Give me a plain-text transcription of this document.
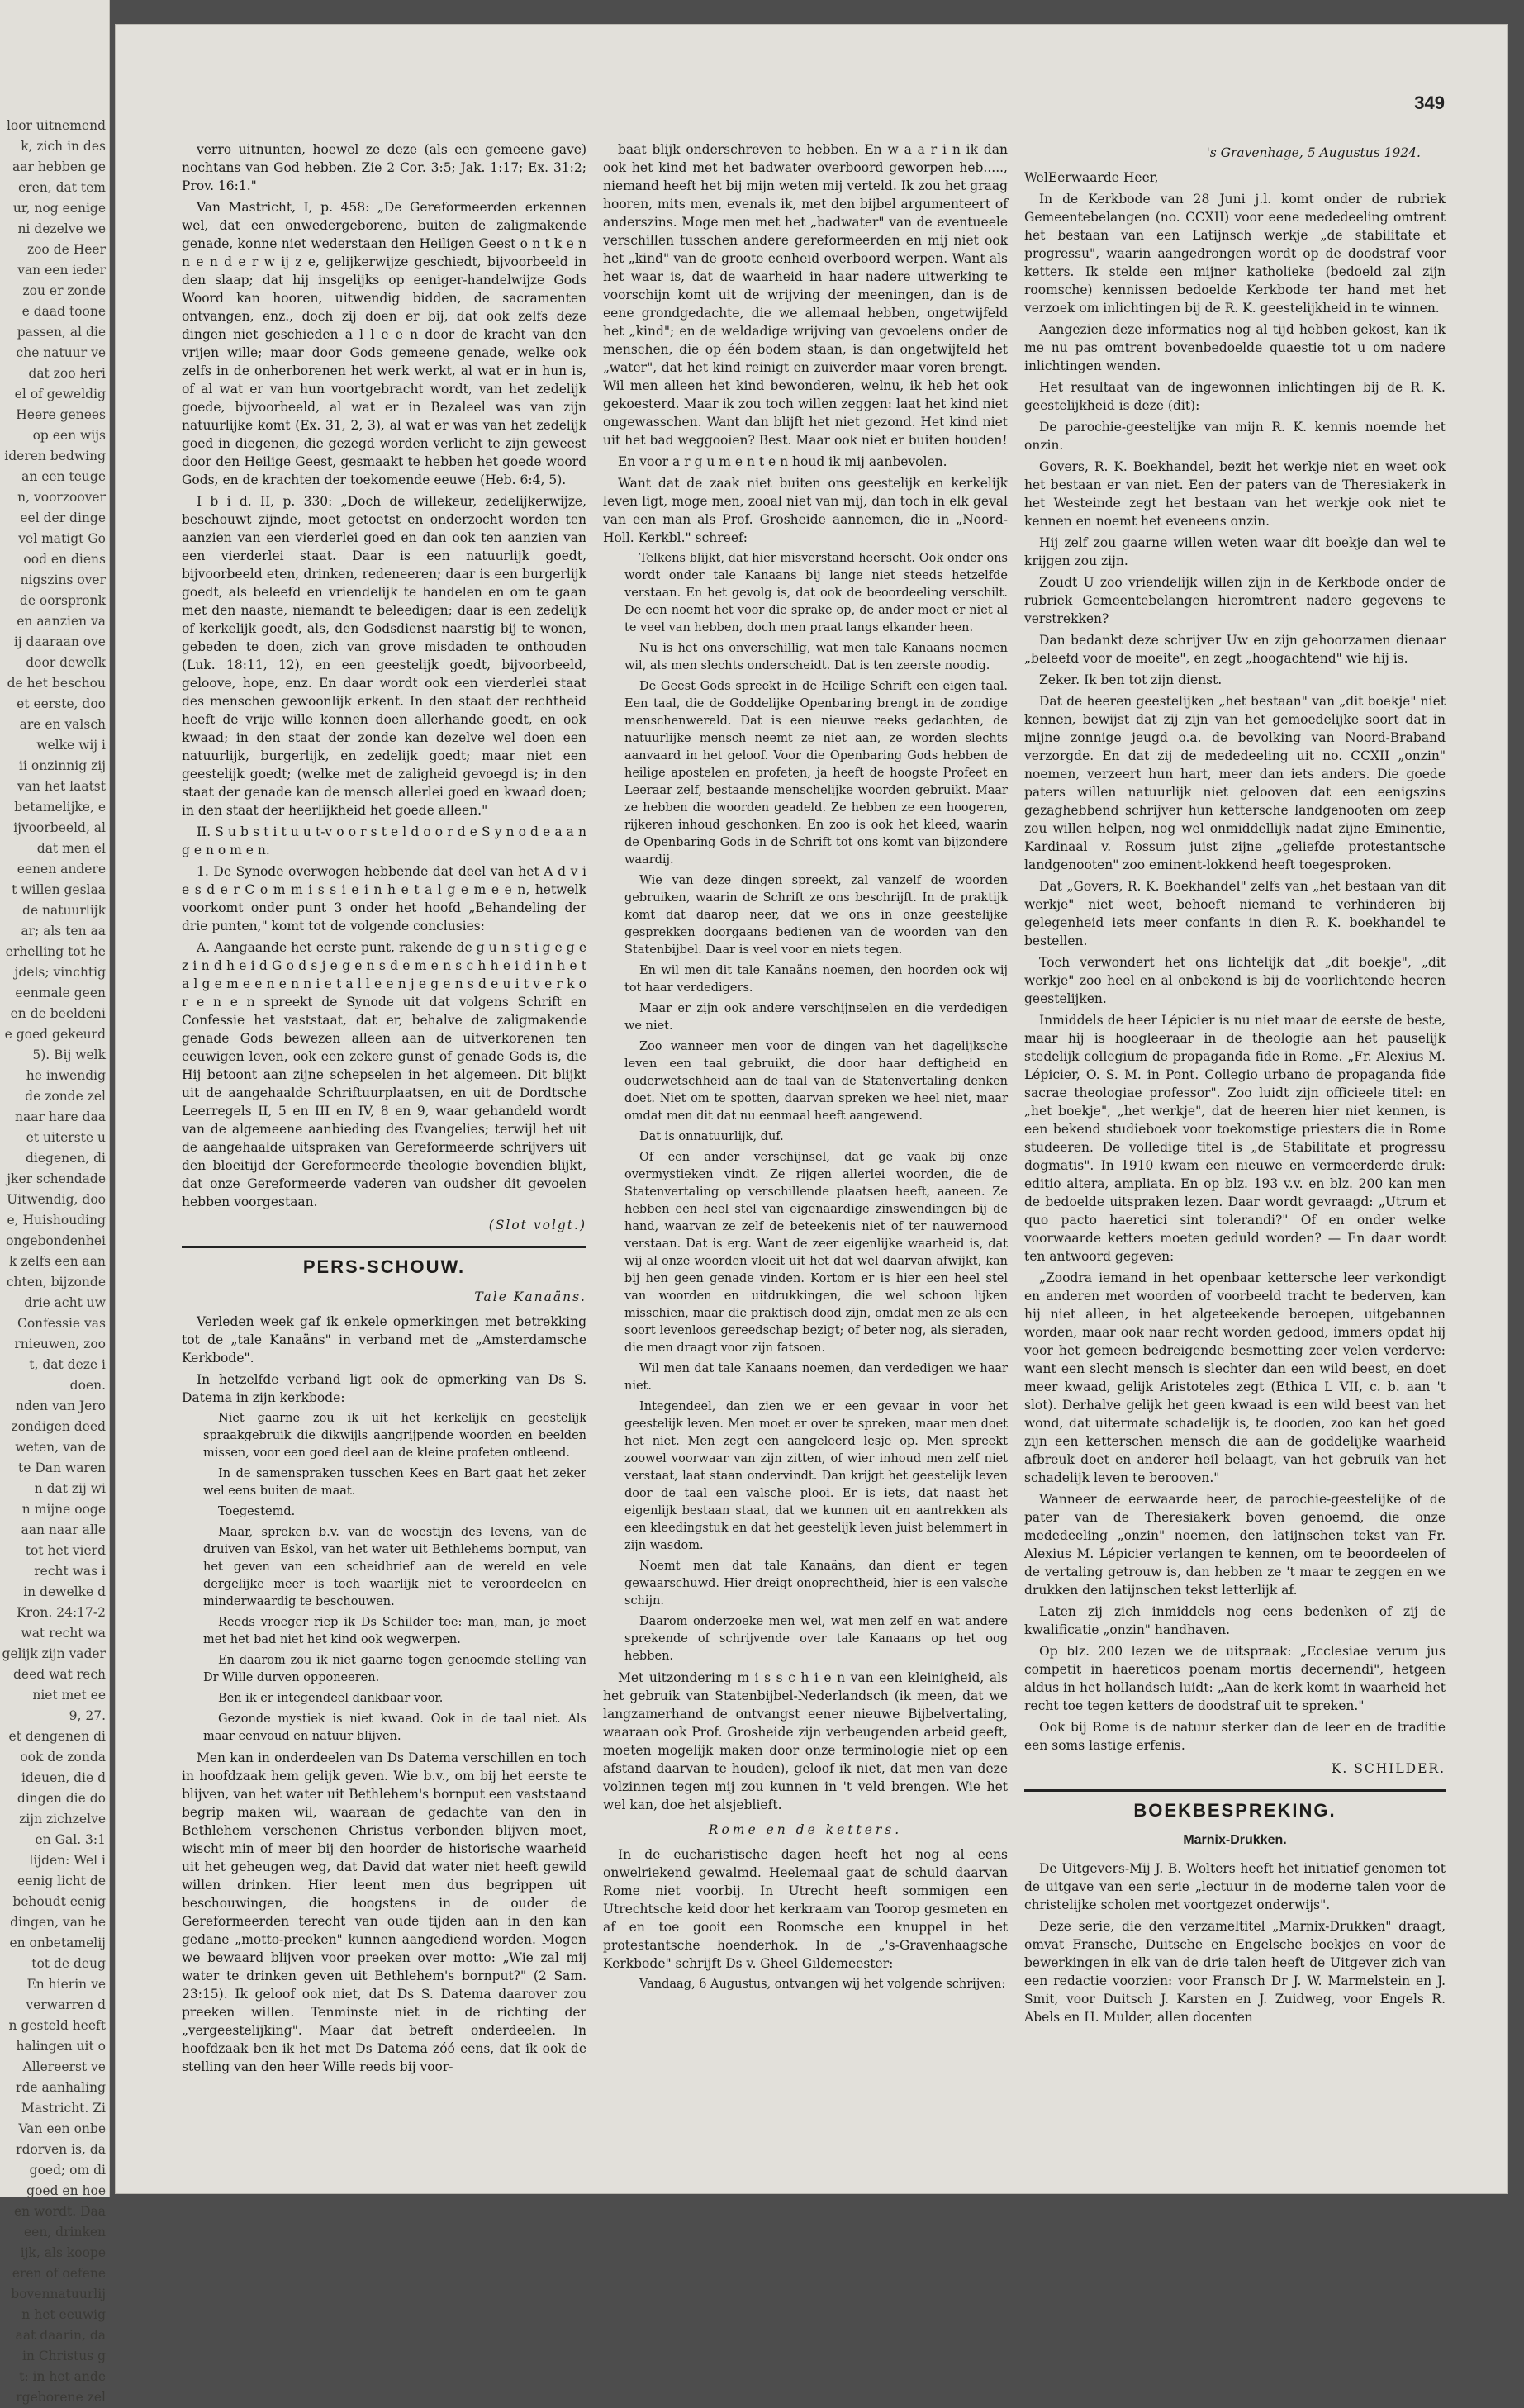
loor uitnemend
k, zich in des
aar hebben ge
eren, dat tem
ur, nog eenige
ni dezelve we
zoo de Heer
van een ieder
zou er zonde
e daad toone
passen, al die
che natuur ve
dat zoo heri
el of geweldig
Heere genees
op een wijs
ideren bedwing
an een teuge
n, voorzoover
eel der dinge
vel matigt Go
ood en diens
nigszins over
de oorspronk
en aanzien va
ij daaraan ove
door dewelk
de het beschou
et eerste, doo
are en valsch
welke wij i
ii onzinnig zij
van het laatst
betamelijke, e
ijvoorbeeld, al
dat men el
eenen andere
t willen geslaa
de natuurlijk
ar; als ten aa
erhelling tot he
jdels; vinchtig
eenmale geen
en de beeldeni
e goed gekeurd
5). Bij welk
he inwendig
de zonde zel
naar hare daa
et uiterste u
diegenen, di
jker schendade
Uitwendig, doo
e, Huishouding
ongebondenhei
k zelfs een aan
chten, bijzonde
drie acht uw
Confessie vas
rnieuwen, zoo
t, dat deze i
doen.
nden van Jero
zondigen deed
weten, van de
te Dan waren
n dat zij wi
n mijne ooge
aan naar alle
tot het vierd
recht was i
in dewelke d
Kron. 24:17-2
wat recht wa
gelijk zijn vader
deed wat rech
niet met ee
9, 27.
et dengenen di
ook de zonda
ideuen, die d
dingen die do
zijn zichzelve
en Gal. 3:1
lijden: Wel i
eenig licht de
behoudt eenig
dingen, van he
en onbetamelij
tot de deug
En hierin ve
verwarren d
n gesteld heeft
halingen uit o
Allereerst ve
rde aanhaling
Mastricht. Zi
Van een onbe
rdorven is, da
goed; om di
goed en hoe
en wordt. Daa
een, drinken
ijk, als koope
eren of oefene
bovennatuurlij
n het eeuwig
aat daarin, da
in Christus g
t: in het ande
rgeborene zel
349

verro uitnunten, hoewel ze deze (als een gemeene gave) nochtans van God hebben. Zie 2 Cor. 3:5; Jak. 1:17; Ex. 31:2; Prov. 16:1."

Van Mastricht, I, p. 458: „De Gereformeerden erkennen wel, dat een onwedergeborene, buiten de zaligmakende genade, konne niet wederstaan den Heiligen Geest o n t k e n n e n d e r w ij z e, gelijkerwijze geschiedt, bijvoorbeeld in den slaap; dat hij insgelijks op eeniger-handelwijze Gods Woord kan hooren, uitwendig bidden, de sacramenten ontvangen, enz., doch zij doen er bij, dat ook zelfs deze dingen niet geschieden a l l e e n door de kracht van den vrijen wille; maar door Gods gemeene genade, welke ook zelfs in de onherborenen het werk werkt, al wat er in hun is, of al wat er van hun voortgebracht wordt, van het zedelijk goede, bijvoorbeeld, al wat er in Bezaleel was van zijn natuurlijke komt (Ex. 31, 2, 3), al wat er was van het zedelijk goed in diegenen, die gezegd worden verlicht te zijn geweest door den Heilige Geest, gesmaakt te hebben het goede woord Gods, en de krachten der toekomende eeuwe (Heb. 6:4, 5).

I b i d. II, p. 330: „Doch de willekeur, zedelijkerwijze, beschouwt zijnde, moet getoetst en onderzocht worden ten aanzien van een vierderlei goed en dan ook ten aanzien van een vierderlei staat. Daar is een natuurlijk goedt, bijvoorbeeld eten, drinken, redeneeren; daar is een burgerlijk goedt, als beleefd en vriendelijk te handelen en om te gaan met den naaste, niemandt te beleedigen; daar is een zedelijk of kerkelijk goedt, als, den Godsdienst naarstig bij te wonen, gebeden te doen, zich van grove misdaden te onthouden (Luk. 18:11, 12), en een geestelijk goedt, bijvoorbeeld, geloove, hope, enz. En daar wordt ook een vierderlei staat des menschen gewoonlijk erkent. In den staat der rechtheid heeft de vrije wille konnen doen allerhande goedt, en ook kwaad; in den staat der zonde kan dezelve wel doen een natuurlijk, burgerlijk, en zedelijk goedt; maar niet een geestelijk goedt; (welke met de zaligheid gevoegd is; in den staat der genade kan de mensch allerlei goed en kwaad doen; in den staat der heerlijkheid het goede alleen."

II. S u b s t i t u u t-v o o r s t e l d o o r d e S y n o d e a a n g e n o m e n.

1. De Synode overwogen hebbende dat deel van het A d v i e s d e r C o m m i s s i e i n h e t a l g e m e e n, hetwelk voorkomt onder punt 3 onder het hoofd „Behandeling der drie punten," komt tot de volgende conclusies:

A. Aangaande het eerste punt, rakende de g u n s t i g e g e z i n d h e i d G o d s j e g e n s d e m e n s c h h e i d i n h e t a l g e m e e n e n n i e t a l l e e n j e g e n s d e u i t v e r k o r e n e n spreekt de Synode uit dat volgens Schrift en Confessie het vaststaat, dat er, behalve de zaligmakende genade Gods bewezen alleen aan de uitverkorenen ten eeuwigen leven, ook een zekere gunst of genade Gods is, die Hij betoont aan zijne schepselen in het algemeen. Dit blijkt uit de aangehaalde Schriftuurplaatsen, en uit de Dordtsche Leerregels II, 5 en III en IV, 8 en 9, waar gehandeld wordt van de algemeene aanbieding des Evangelies; terwijl het uit de aangehaalde uitspraken van Gereformeerde schrijvers uit den bloeitijd der Gereformeerde theologie bovendien blijkt, dat onze Gereformeerde vaderen van oudsher dit gevoelen hebben voorgestaan.

(Slot volgt.)
PERS-SCHOUW.
Tale Kanaäns.

Verleden week gaf ik enkele opmerkingen met betrekking tot de „tale Kanaäns" in verband met de „Amsterdamsche Kerkbode".

In hetzelfde verband ligt ook de opmerking van Ds S. Datema in zijn kerkbode:

Niet gaarne zou ik uit het kerkelijk en geestelijk spraakgebruik die dikwijls aangrijpende woorden en beelden missen, voor een goed deel aan de kleine profeten ontleend.

In de samenspraken tusschen Kees en Bart gaat het zeker wel eens buiten de maat.

Toegestemd.

Maar, spreken b.v. van de woestijn des levens, van de druiven van Eskol, van het water uit Bethlehems bornput, van het geven van een scheidbrief aan de wereld en vele dergelijke meer is toch waarlijk niet te veroordeelen en minderwaardig te beschouwen.

Reeds vroeger riep ik Ds Schilder toe: man, man, je moet met het bad niet het kind ook wegwerpen.

En daarom zou ik niet gaarne togen genoemde stelling van Dr Wille durven opponeeren.

Ben ik er integendeel dankbaar voor.

Gezonde mystiek is niet kwaad. Ook in de taal niet. Als maar eenvoud en natuur blijven.

Men kan in onderdeelen van Ds Datema verschillen en toch in hoofdzaak hem gelijk geven. Wie b.v., om bij het eerste te blijven, van het water uit Bethlehem's bornput een vaststaand begrip maken wil, waaraan de gedachte van den in Bethlehem verschenen Christus verbonden blijven moet, wischt min of meer bij den hoorder de historische waarheid uit het geheugen weg, dat David dat water niet heeft gewild willen drinken. Hier leent men dus begrippen uit beschouwingen, die hoogstens in de ouder de Gereformeerden terecht van oude tijden aan in den kan gedane „motto-preeken" kunnen aangediend worden. Mogen we bewaard blijven voor preeken over motto: „Wie zal mij water te drinken geven uit Bethlehem's bornput?" (2 Sam. 23:15). Ik geloof ook niet, dat Ds S. Datema daarover zou preeken willen. Tenminste niet in de richting der „vergeestelijking". Maar dat betreft onderdeelen. In hoofdzaak ben ik het met Ds Datema zóó eens, dat ik ook de stelling van den heer Wille reeds bij voor-

baat blijk onderschreven te hebben. En w a a r i n ik dan ook het kind met het badwater overboord geworpen heb....., niemand heeft het bij mijn weten mij verteld. Ik zou het graag hooren, mits men, evenals ik, met den bijbel argumenteert of anderszins. Moge men met het „badwater" van de eventueele verschillen tusschen andere gereformeerden en mij niet ook het „kind" van de groote eenheid overboord werpen. Want als het waar is, dat de waarheid in haar nadere uitwerking te voorschijn komt uit de wrijving der meeningen, dan is de eene grondgedachte, die we allemaal hebben, ongetwijfeld het „kind"; en de weldadige wrijving van gevoelens onder de menschen, die op één bodem staan, is dan ongetwijfeld het „water", dat het kind reinigt en zuiverder maar voren brengt. Wil men alleen het kind bewonderen, welnu, ik heb het ook gekoesterd. Maar ik zou toch willen zeggen: laat het kind niet ongewasschen. Want dan blijft het niet gezond. Het kind niet uit het bad weggooien? Best. Maar ook niet er buiten houden!

En voor a r g u m e n t e n houd ik mij aanbevolen.

Want dat de zaak niet buiten ons geestelijk en kerkelijk leven ligt, moge men, zooal niet van mij, dan toch in elk geval van een man als Prof. Grosheide aannemen, die in „Noord-Holl. Kerkbl." schreef:

Telkens blijkt, dat hier misverstand heerscht. Ook onder ons wordt onder tale Kanaans bij lange niet steeds hetzelfde verstaan. En het gevolg is, dat ook de beoordeeling verschilt. De een noemt het voor die sprake op, de ander moet er niet al te veel van hebben, doch men praat langs elkander heen.

Nu is het ons onverschillig, wat men tale Kanaans noemen wil, als men slechts onderscheidt. Dat is ten zeerste noodig.

De Geest Gods spreekt in de Heilige Schrift een eigen taal. Een taal, die de Goddelijke Openbaring brengt in de zondige menschenwereld. Dat is een nieuwe reeks gedachten, de natuurlijke mensch neemt ze niet aan, ze worden slechts aanvaard in het geloof. Voor die Openbaring Gods hebben de heilige apostelen en profeten, ja heeft de hoogste Profeet en Leeraar zelf, bestaande menschelijke woorden gebruikt. Maar ze hebben die woorden geadeld. Ze hebben ze een hoogeren, rijkeren inhoud geschonken. En zoo is ook het kleed, waarin de Openbaring Gods in de Schrift tot ons komt van bijzondere waardij.

Wie van deze dingen spreekt, zal vanzelf de woorden gebruiken, waarin de Schrift ze ons beschrijft. In de praktijk komt dat daarop neer, dat we ons in onze geestelijke gesprekken doorgaans bedienen van de woorden van den Statenbijbel. Daar is veel voor en niets tegen.

En wil men dit tale Kanaäns noemen, den hoorden ook wij tot haar verdedigers.

Maar er zijn ook andere verschijnselen en die verdedigen we niet.

Zoo wanneer men voor de dingen van het dagelijksche leven een taal gebruikt, die door haar deftigheid en ouderwetschheid aan de taal van de Statenvertaling denken doet. Niet om te spotten, daarvan spreken we heel niet, maar omdat men dit dat nu eenmaal heeft aangewend.

Dat is onnatuurlijk, duf.

Of een ander verschijnsel, dat ge vaak bij onze overmystieken vindt. Ze rijgen allerlei woorden, die de Statenvertaling op verschillende plaatsen heeft, aaneen. Ze hebben een heel stel van eigenaardige zinswendingen bij de hand, waarvan ze zelf de beteekenis niet of ter nauwernood verstaan. Dat is erg. Want de zeer eigenlijke waarheid is, dat wij al onze woorden vloeit uit het dat wel daarvan afwijkt, kan bij hen geen genade vinden. Kortom er is hier een heel stel van woorden en uitdrukkingen, die wel schoon lijken misschien, maar die praktisch dood zijn, omdat men ze als een soort levenloos gereedschap bezigt; of beter nog, als sieraden, die men draagt voor zijn fatsoen.

Wil men dat tale Kanaans noemen, dan verdedigen we haar niet.

Integendeel, dan zien we er een gevaar in voor het geestelijk leven. Men moet er over te spreken, maar men doet het niet. Men zegt een aangeleerd lesje op. Men spreekt zoowel voorwaar van zijn zitten, of wier inhoud men zelf niet verstaat, laat staan ondervindt. Dan krijgt het geestelijk leven door de taal een valsche plooi. Er is iets, dat naast het eigenlijk bestaan staat, dat we kunnen uit en aantrekken als een kleedingstuk en dat het geestelijk leven juist belemmert in zijn wasdom.

Noemt men dat tale Kanaäns, dan dient er tegen gewaarschuwd. Hier dreigt onoprechtheid, hier is een valsche schijn.

Daarom onderzoeke men wel, wat men zelf en wat andere sprekende of schrijvende over tale Kanaans op het oog hebben.

Met uitzondering m i s s c h i e n van een kleinigheid, als het gebruik van Statenbijbel-Nederlandsch (ik meen, dat we langzamerhand de ontvangst eener nieuwe Bijbelvertaling, waaraan ook Prof. Grosheide zijn verbeugenden arbeid geeft, moeten mogelijk maken door onze terminologie niet op een afstand daarvan te houden), geloof ik niet, dat men van deze volzinnen tegen mij zou kunnen in 't veld brengen. Wie het wel kan, doe het alsjeblieft.

Rome en de ketters.

In de eucharistische dagen heeft het nog al eens onwelriekend gewalmd. Heelemaal gaat de schuld daarvan Rome niet voorbij. In Utrecht heeft sommigen een Utrechtsche keid door het kerkraam van Toorop gesmeten en af en toe gooit een Roomsche een knuppel in het protestantsche hoenderhok. In de „'s-Gravenhaagsche Kerkbode" schrijft Ds v. Gheel Gildemeester:

Vandaag, 6 Augustus, ontvangen wij het volgende schrijven:

's Gravenhage, 5 Augustus 1924.

WelEerwaarde Heer,

In de Kerkbode van 28 Juni j.l. komt onder de rubriek Gemeentebelangen (no. CCXII) voor eene mededeeling omtrent het bestaan van een Latijnsch werkje „de stabilitate et progressu", waarin aangedrongen wordt op de doodstraf voor ketters. Ik stelde een mijner katholieke (bedoeld zal zijn roomsche) kennissen bedoelde Kerkbode ter hand met het verzoek om inlichtingen bij de R. K. geestelijkheid in te winnen.

Aangezien deze informaties nog al tijd hebben gekost, kan ik me nu pas omtrent bovenbedoelde quaestie tot u om nadere inlichtingen wenden.

Het resultaat van de ingewonnen inlichtingen bij de R. K. geestelijkheid is deze (dit):

De parochie-geestelijke van mijn R. K. kennis noemde het onzin.

Govers, R. K. Boekhandel, bezit het werkje niet en weet ook het bestaan er van niet. Een der paters van de Theresiakerk in het Westeinde zegt het bestaan van het werkje ook niet te kennen en noemt het eveneens onzin.

Hij zelf zou gaarne willen weten waar dit boekje dan wel te krijgen zou zijn.

Zoudt U zoo vriendelijk willen zijn in de Kerkbode onder de rubriek Gemeentebelangen hieromtrent nadere gegevens te verstrekken?

Dan bedankt deze schrijver Uw en zijn gehoorzamen dienaar „beleefd voor de moeite", en zegt „hoogachtend" wie hij is.

Zeker. Ik ben tot zijn dienst.

Dat de heeren geestelijken „het bestaan" van „dit boekje" niet kennen, bewijst dat zij zijn van het gemoedelijke soort dat in mijne zonnige jeugd o.a. de bevolking van Noord-Braband verzorgde. En dat zij de mededeeling uit no. CCXII „onzin" noemen, verzeert hun hart, meer dan iets anders. Die goede paters willen natuurlijk niet gelooven dat een eenigszins gezaghebbend schrijver hun kettersche landgenooten om zeep zou willen helpen, nog wel onmiddellijk nadat zijne Eminentie, Kardinaal v. Rossum juist zijne „geliefde protestantsche landgenooten" zoo eminent-lokkend heeft toegesproken.

Dat „Govers, R. K. Boekhandel" zelfs van „het bestaan van dit werkje" niet weet, behoeft niemand te verhinderen bij gelegenheid iets meer confants in dien R. K. boekhandel te bestellen.

Toch verwondert het ons lichtelijk dat „dit boekje", „dit werkje" zoo heel en al onbekend is bij de voorlichtende heeren geestelijken.

Inmiddels de heer Lépicier is nu niet maar de eerste de beste, maar hij is hoogleeraar in de theologie aan het pauselijk stedelijk collegium de propaganda fide in Rome. „Fr. Alexius M. Lépicier, O. S. M. in Pont. Collegio urbano de propaganda fide sacrae theologiae professor". Zoo luidt zijn officieele titel: en „het boekje", „het werkje", dat de heeren hier niet kennen, is een bekend studieboek voor toekomstige priesters die in Rome studeeren. De volledige titel is „de Stabilitate et progressu dogmatis". In 1910 kwam een nieuwe en vermeerderde druk: editio altera, ampliata. En op blz. 193 v.v. en blz. 200 kan men de bedoelde uitspraken lezen. Daar wordt gevraagd: „Utrum et quo pacto haeretici sint tolerandi?" Of en onder welke voorwaarde ketters moeten geduld worden? — En daar wordt ten antwoord gegeven:

„Zoodra iemand in het openbaar kettersche leer verkondigt en anderen met woorden of voorbeeld tracht te bederven, kan hij niet alleen, in het algeteekende beroepen, uitgebannen worden, maar ook naar recht worden gedood, immers opdat hij voor het gemeen bedreigende besmetting zeer velen verderve: want een slecht mensch is slechter dan een wild beest, en doet meer kwaad, gelijk Aristoteles zegt (Ethica L VII, c. b. aan 't slot). Derhalve gelijk het geen kwaad is een wild beest van het wond, dat uitermate schadelijk is, te dooden, zoo kan het goed zijn een ketterschen mensch die aan de goddelijke waarheid afbreuk doet en anderer heil belaagt, van het gebruik van het schadelijk leven te berooven."

Wanneer de eerwaarde heer, de parochie-geestelijke of de pater van de Theresiakerk boven genoemd, die onze mededeeling „onzin" noemen, den latijnschen tekst van Fr. Alexius M. Lépicier verlangen te kennen, om te beoordeelen of de vertaling getrouw is, dan hebben ze 't maar te zeggen en we drukken den latijnschen tekst letterlijk af.

Laten zij zich inmiddels nog eens bedenken of zij de kwalificatie „onzin" handhaven.

Op blz. 200 lezen we de uitspraak: „Ecclesiae verum jus competit in haereticos poenam mortis decernendi", hetgeen aldus in het hollandsch luidt: „Aan de kerk komt in waarheid het recht toe tegen ketters de doodstraf uit te spreken."

Ook bij Rome is de natuur sterker dan de leer en de traditie een soms lastige erfenis.

K. SCHILDER.
BOEKBESPREKING.
Marnix-Drukken.

De Uitgevers-Mij J. B. Wolters heeft het initiatief genomen tot de uitgave van een serie „lectuur in de moderne talen voor de christelijke scholen met voortgezet onderwijs".

Deze serie, die den verzameltitel „Marnix-Drukken" draagt, omvat Fransche, Duitsche en Engelsche boekjes en voor de bewerkingen in elk van de drie talen heeft de Uitgever zich van een redactie voorzien: voor Fransch Dr J. W. Marmelstein en J. Smit, voor Duitsch J. Karsten en J. Zuidweg, voor Engels R. Abels en H. Mulder, allen docenten
